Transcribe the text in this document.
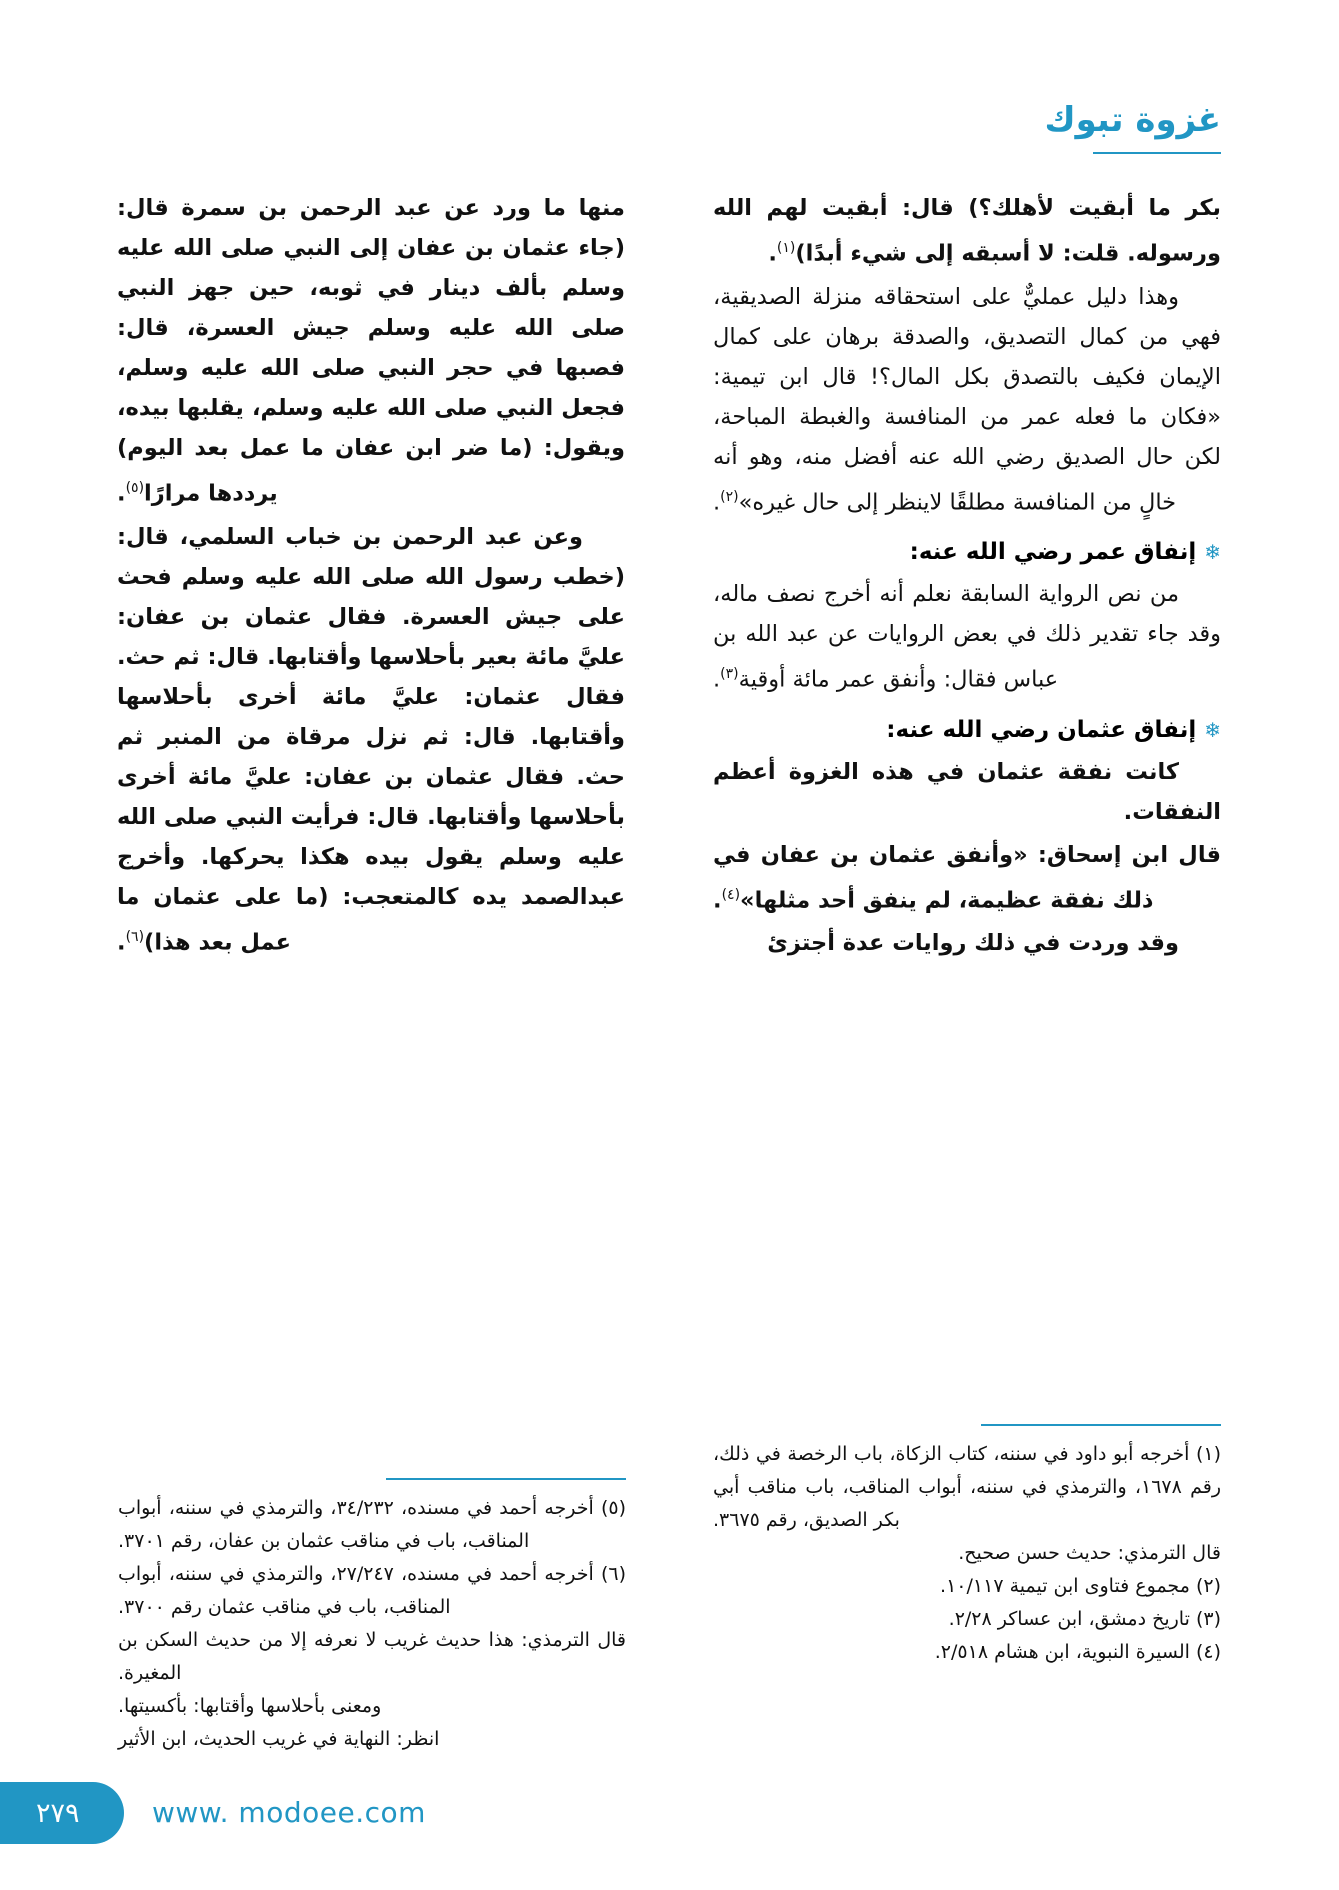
غزوة تبوك

بكر ما أبقيت لأهلك؟) قال: أبقيت لهم الله ورسوله. قلت: لا أسبقه إلى شيء أبدًا)$^{(١)}$.

وهذا دليل عمليٌّ على استحقاقه منزلة الصديقية، فهي من كمال التصديق، والصدقة برهان على كمال الإيمان فكيف بالتصدق بكل المال؟! قال ابن تيمية: «فكان ما فعله عمر من المنافسة والغبطة المباحة، لكن حال الصديق رضي الله عنه أفضل منه، وهو أنه خالٍ من المنافسة مطلقًا لاينظر إلى حال غيره»$^{(٢)}$.

❄إنفاق عمر رضي الله عنه:

من نص الرواية السابقة نعلم أنه أخرج نصف ماله، وقد جاء تقدير ذلك في بعض الروايات عن عبد الله بن عباس فقال: وأنفق عمر مائة أوقية$^{(٣)}$.

❄إنفاق عثمان رضي الله عنه:

كانت نفقة عثمان في هذه الغزوة أعظم النفقات.

قال ابن إسحاق: «وأنفق عثمان بن عفان في ذلك نفقة عظيمة، لم ينفق أحد مثلها»$^{(٤)}$.

وقد وردت في ذلك روايات عدة أجتزئ

منها ما ورد عن عبد الرحمن بن سمرة قال: (جاء عثمان بن عفان إلى النبي صلى الله عليه وسلم بألف دينار في ثوبه، حين جهز النبي صلى الله عليه وسلم جيش العسرة، قال: فصبها في حجر النبي صلى الله عليه وسلم، فجعل النبي صلى الله عليه وسلم، يقلبها بيده، ويقول: (ما ضر ابن عفان ما عمل بعد اليوم) يرددها مرارًا$^{(٥)}$.

وعن عبد الرحمن بن خباب السلمي، قال: (خطب رسول الله صلى الله عليه وسلم فحث على جيش العسرة. فقال عثمان بن عفان: عليَّ مائة بعير بأحلاسها وأقتابها. قال: ثم حث. فقال عثمان: عليَّ مائة أخرى بأحلاسها وأقتابها. قال: ثم نزل مرقاة من المنبر ثم حث. فقال عثمان بن عفان: عليَّ مائة أخرى بأحلاسها وأقتابها. قال: فرأيت النبي صلى الله عليه وسلم يقول بيده هكذا يحركها. وأخرج عبدالصمد يده كالمتعجب: (ما على عثمان ما عمل بعد هذا)$^{(٦)}$.

(١) أخرجه أبو داود في سننه، كتاب الزكاة، باب الرخصة في ذلك، رقم ١٦٧٨، والترمذي في سننه، أبواب المناقب، باب مناقب أبي بكر الصديق، رقم ٣٦٧٥.
قال الترمذي: حديث حسن صحيح.
(٢) مجموع فتاوى ابن تيمية ١٠/١١٧.
(٣) تاريخ دمشق، ابن عساكر ٢/٢٨.
(٤) السيرة النبوية، ابن هشام ٢/٥١٨.
(٥) أخرجه أحمد في مسنده، ٣٤/٢٣٢، والترمذي في سننه، أبواب المناقب، باب في مناقب عثمان بن عفان، رقم ٣٧٠١.
(٦) أخرجه أحمد في مسنده، ٢٧/٢٤٧، والترمذي في سننه، أبواب المناقب، باب في مناقب عثمان رقم ٣٧٠٠.
قال الترمذي: هذا حديث غريب لا نعرفه إلا من حديث السكن بن المغيرة.
ومعنى بأحلاسها وأقتابها: بأكسيتها.
انظر: النهاية في غريب الحديث، ابن الأثير
٢٧٩	www. modoee.com
